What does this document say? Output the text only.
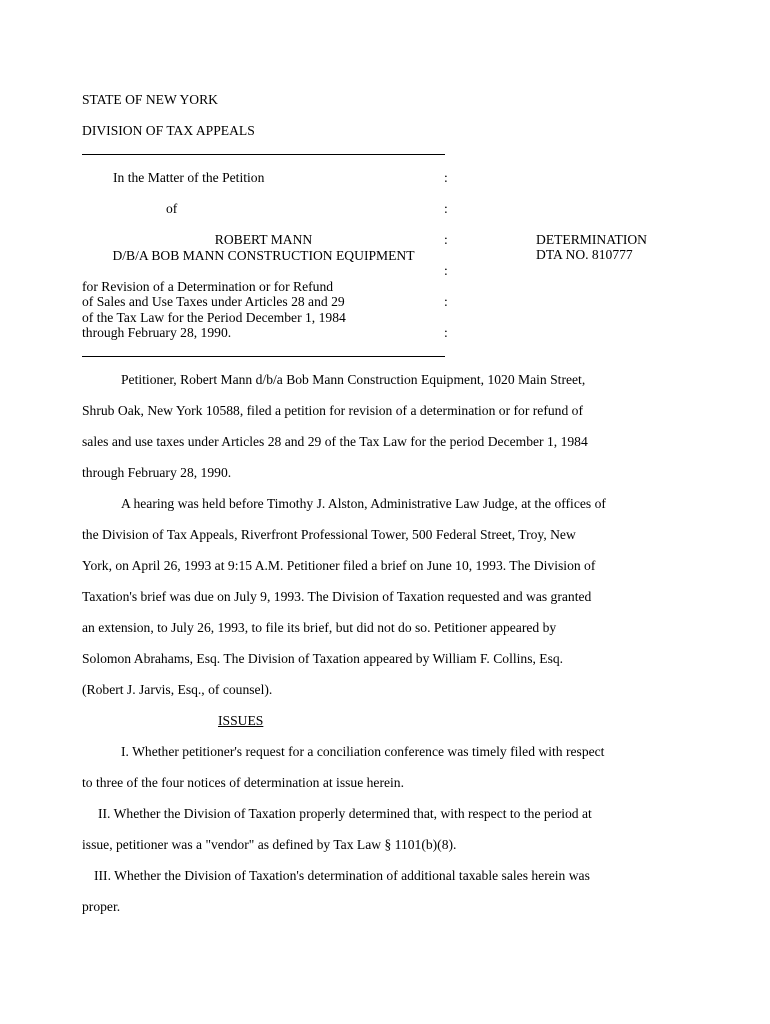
STATE OF NEW YORK
DIVISION OF TAX APPEALS
In the Matter of the Petition
of
ROBERT MANN
D/B/A BOB MANN CONSTRUCTION EQUIPMENT
for Revision of a Determination or for Refund
of Sales and Use Taxes under Articles 28 and 29
of the Tax Law for the Period December 1, 1984
through February 28, 1990.
:
:
:
:
:
:
DETERMINATION
DTA NO. 810777
Petitioner, Robert Mann d/b/a Bob Mann Construction Equipment, 1020 Main Street,
Shrub Oak, New York 10588, filed a petition for revision of a determination or for refund of
sales and use taxes under Articles 28 and 29 of the Tax Law for the period December 1, 1984
through February 28, 1990.
A hearing was held before Timothy J. Alston, Administrative Law Judge, at the offices of
the Division of Tax Appeals, Riverfront Professional Tower, 500 Federal Street, Troy, New
York, on April 26, 1993 at 9:15 A.M. Petitioner filed a brief on June 10, 1993. The Division of
Taxation's brief was due on July 9, 1993. The Division of Taxation requested and was granted
an extension, to July 26, 1993, to file its brief, but did not do so. Petitioner appeared by
Solomon Abrahams, Esq. The Division of Taxation appeared by William F. Collins, Esq.
(Robert J. Jarvis, Esq., of counsel).
ISSUES
I. Whether petitioner's request for a conciliation conference was timely filed with respect
to three of the four notices of determination at issue herein.
II. Whether the Division of Taxation properly determined that, with respect to the period at
issue, petitioner was a "vendor" as defined by Tax Law § 1101(b)(8).
III. Whether the Division of Taxation's determination of additional taxable sales herein was
proper.
